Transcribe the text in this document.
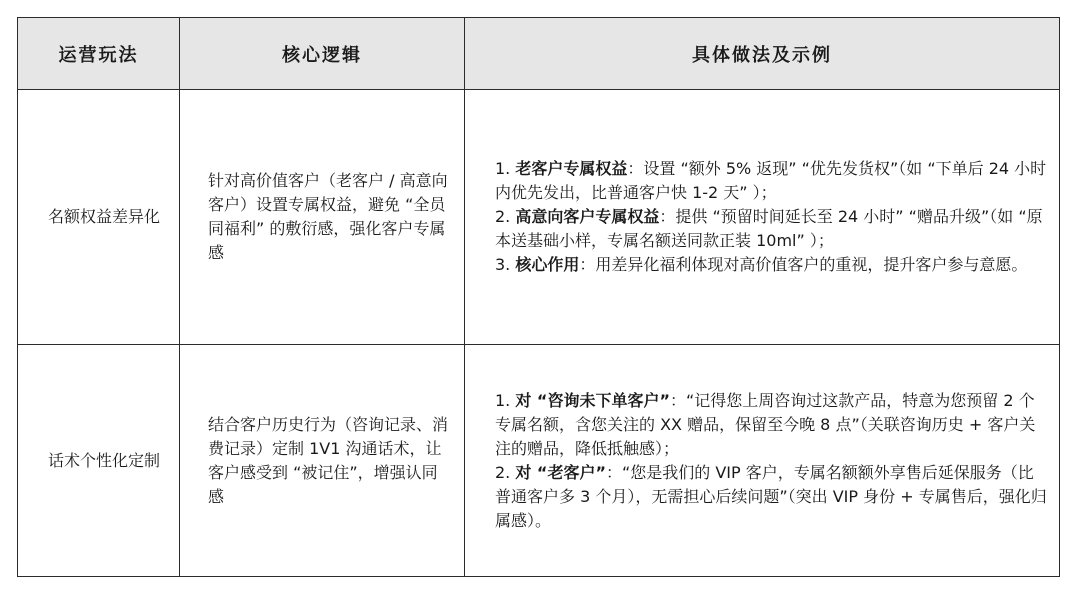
运营玩法	核心逻辑	具体做法及示例
名额权益差异化	针对高价值客户（老客户 / 高意向客户）设置专属权益，避免 “全员同福利” 的敷衍感，强化客户专属感	1. 老客户专属权益：设置 “额外 5% 返现” “优先发货权”（如 “下单后 24 小时内优先发出，比普通客户快 1-2 天” ）；
2. 高意向客户专属权益：提供 “预留时间延长至 24 小时” “赠品升级”（如 “原本送基础小样，专属名额送同款正装 10ml” ）；
3. 核心作用：用差异化福利体现对高价值客户的重视，提升客户参与意愿。

话术个性化定制	结合客户历史行为（咨询记录、消费记录）定制 1V1 沟通话术，让客户感受到 “被记住”，增强认同感	1. 对 “咨询未下单客户”：“记得您上周咨询过这款产品，特意为您预留 2 个专属名额，含您关注的 XX 赠品，保留至今晚 8 点”（关联咨询历史 + 客户关注的赠品，降低抵触感）；
2. 对 “老客户”：“您是我们的 VIP 客户，专属名额额外享售后延保服务（比普通客户多 3 个月），无需担心后续问题”（突出 VIP 身份 + 专属售后，强化归属感）。
